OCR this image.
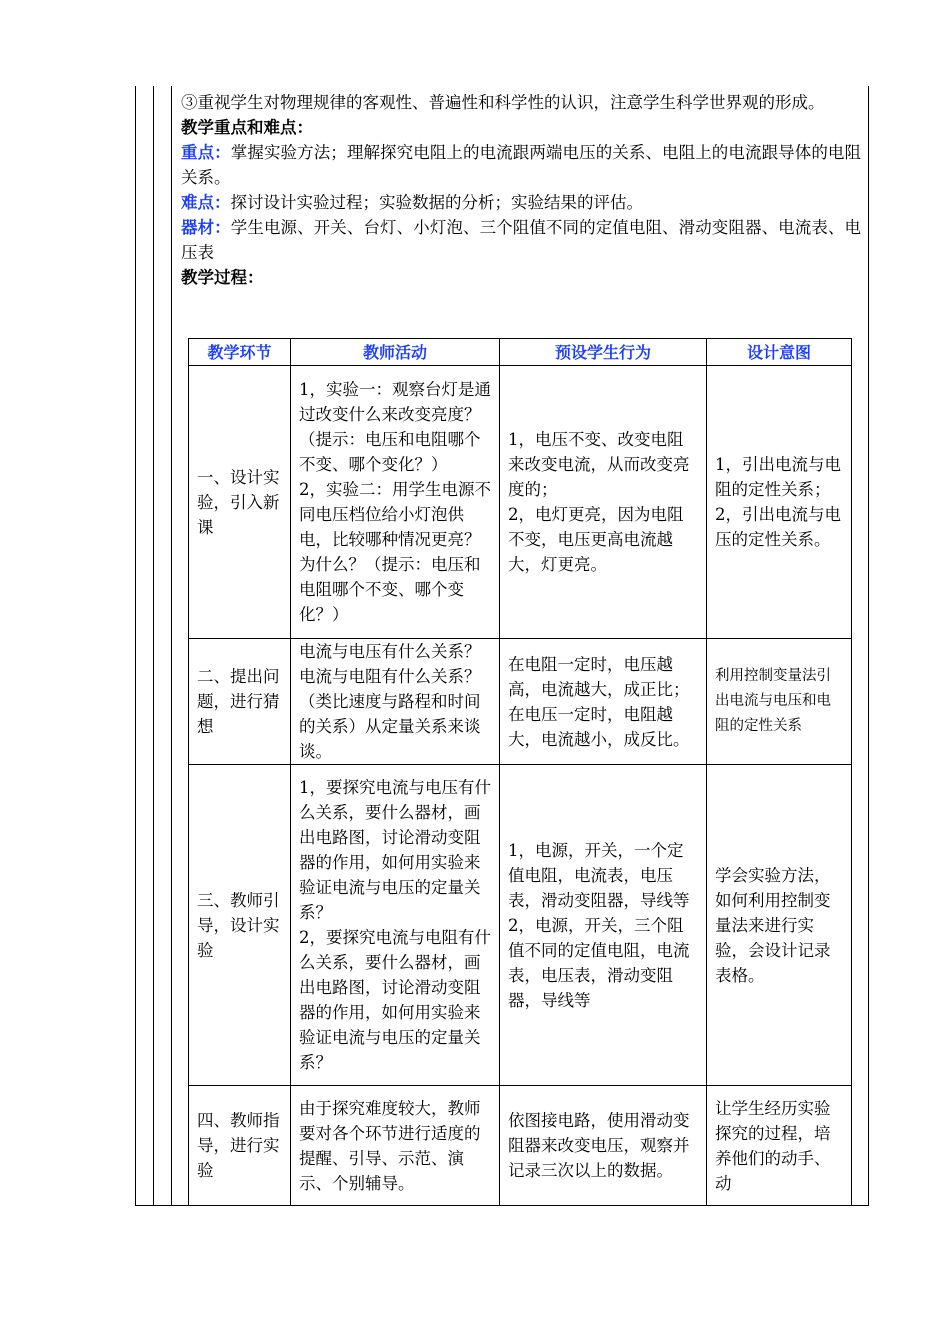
③重视学生对物理规律的客观性、普遍性和科学性的认识，注意学生科学世界观的形成。

教学重点和难点：

重点：掌握实验方法；理解探究电阻上的电流跟两端电压的关系、电阻上的电流跟导体的电阻关系。

难点：探讨设计实验过程；实验数据的分析；实验结果的评估。

器材：学生电源、开关、台灯、小灯泡、三个阻值不同的定值电阻、滑动变阻器、电流表、电压表

教学过程：

教学环节	教师活动	预设学生行为	设计意图
一、设计实验，引入新课	1，实验一：观察台灯是通过改变什么来改变亮度？（提示：电压和电阻哪个不变、哪个变化？）
2，实验二：用学生电源不同电压档位给小灯泡供电，比较哪种情况更亮？为什么？（提示：电压和电阻哪个不变、哪个变化？）	1，电压不变、改变电阻来改变电流，从而改变亮度的；
2，电灯更亮，因为电阻不变，电压更高电流越大，灯更亮。	1，引出电流与电阻的定性关系；
2，引出电流与电压的定性关系。
二、提出问题，进行猜想	电流与电压有什么关系？电流与电阻有什么关系？（类比速度与路程和时间的关系）从定量关系来谈谈。	在电阻一定时，电压越高，电流越大，成正比；在电压一定时，电阻越大，电流越小，成反比。	利用控制变量法引出电流与电压和电阻的定性关系
三、教师引导，设计实验	1，要探究电流与电压有什么关系，要什么器材，画出电路图，讨论滑动变阻器的作用，如何用实验来验证电流与电压的定量关系？
2，要探究电流与电阻有什么关系，要什么器材，画出电路图，讨论滑动变阻器的作用，如何用实验来验证电流与电压的定量关系？	1，电源，开关，一个定值电阻，电流表，电压表，滑动变阻器，导线等
2，电源，开关，三个阻值不同的定值电阻，电流表，电压表，滑动变阻器，导线等	学会实验方法，如何利用控制变量法来进行实验，会设计记录表格。
四、教师指导，进行实验	由于探究难度较大，教师要对各个环节进行适度的提醒、引导、示范、演示、个别辅导。	依图接电路，使用滑动变阻器来改变电压，观察并记录三次以上的数据。	让学生经历实验探究的过程，培养他们的动手、动
